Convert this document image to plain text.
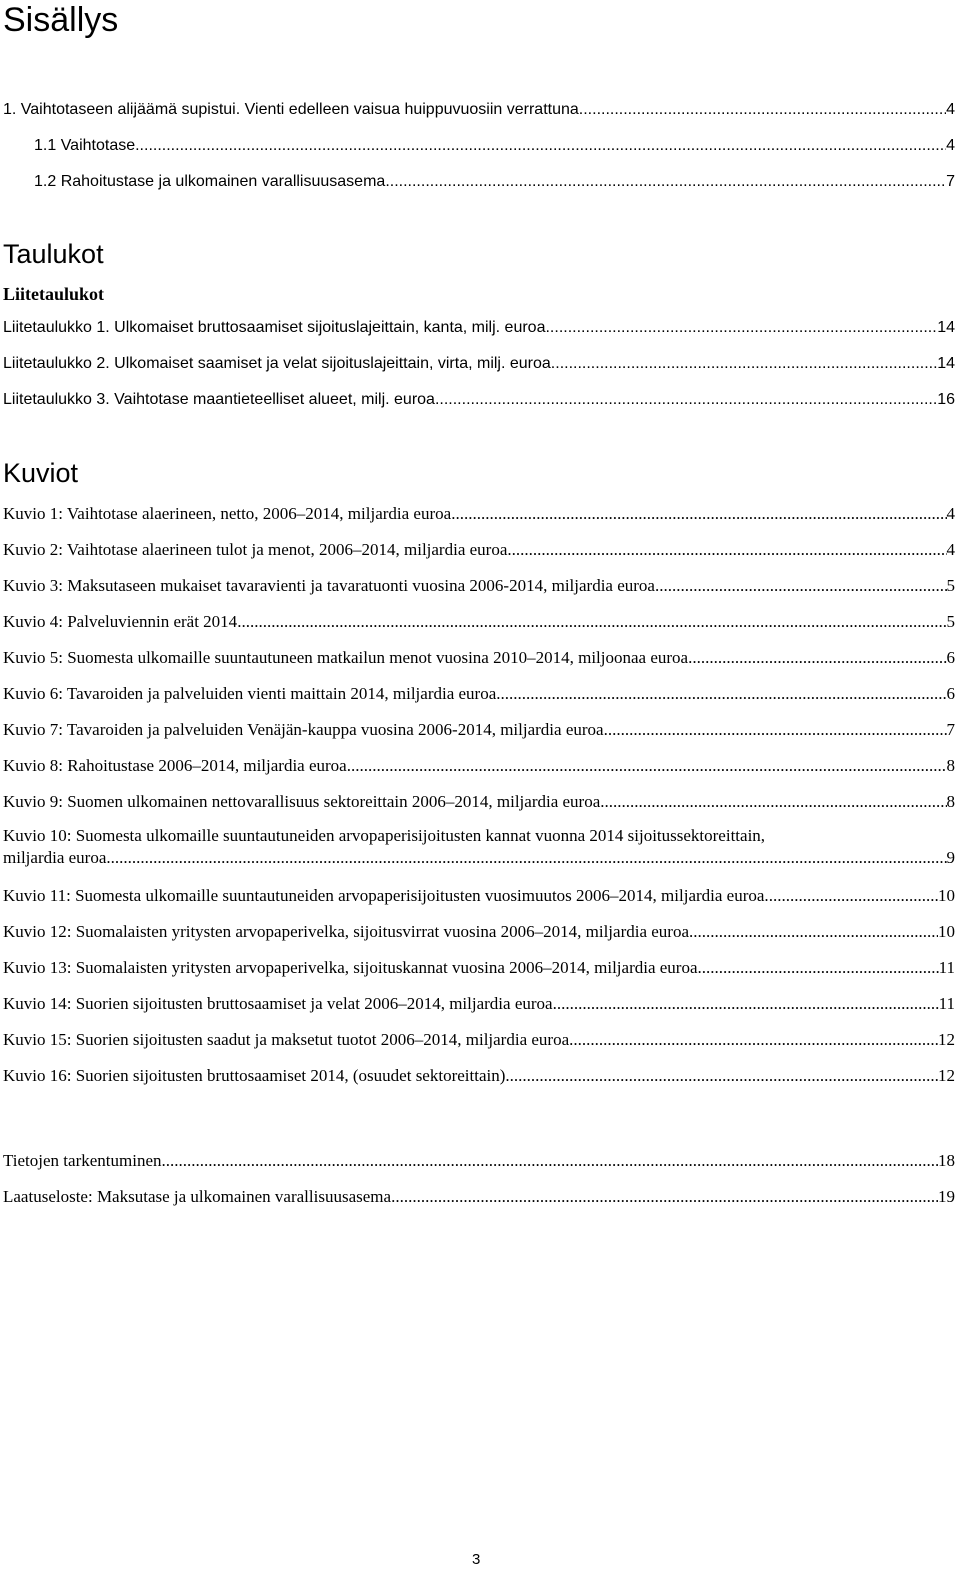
Sisällys
1. Vaihtotaseen alijäämä supistui. Vienti edelleen vaisua huippuvuosiin verrattuna .....	4
1.1 Vaihtotase .....	4
1.2 Rahoitustase ja ulkomainen varallisuusasema .....	7
Taulukot
Liitetaulukot
Liitetaulukko 1. Ulkomaiset bruttosaamiset sijoituslajeittain, kanta, milj. euroa .....	14
Liitetaulukko 2. Ulkomaiset saamiset ja velat sijoituslajeittain, virta, milj. euroa .....	14
Liitetaulukko 3. Vaihtotase maantieteelliset alueet, milj. euroa .....	16
Kuviot
Kuvio 1: Vaihtotase alaerineen, netto, 2006–2014, miljardia euroa .....	4
Kuvio 2: Vaihtotase alaerineen tulot ja menot, 2006–2014, miljardia euroa .....	4
Kuvio 3: Maksutaseen mukaiset tavaravienti ja tavaratuonti vuosina 2006-2014, miljardia euroa .....	5
Kuvio 4: Palveluviennin erät 2014 .....	5
Kuvio 5: Suomesta ulkomaille suuntautuneen matkailun menot vuosina 2010–2014, miljoonaa euroa .....	6
Kuvio 6: Tavaroiden ja palveluiden vienti maittain 2014, miljardia euroa .....	6
Kuvio 7: Tavaroiden ja palveluiden Venäjän-kauppa vuosina 2006-2014, miljardia euroa .....	7
Kuvio 8: Rahoitustase 2006–2014, miljardia euroa .....	8
Kuvio 9: Suomen ulkomainen nettovarallisuus sektoreittain 2006–2014, miljardia euroa .....	8
Kuvio 10: Suomesta ulkomaille suuntautuneiden arvopaperisijoitusten kannat vuonna 2014 sijoitussektoreittain,
miljardia euroa .....	9
Kuvio 11: Suomesta ulkomaille suuntautuneiden arvopaperisijoitusten vuosimuutos 2006–2014, miljardia euroa. .....	10
Kuvio 12: Suomalaisten yritysten arvopaperivelka, sijoitusvirrat vuosina 2006–2014, miljardia euroa .....	10
Kuvio 13: Suomalaisten yritysten arvopaperivelka, sijoituskannat vuosina 2006–2014, miljardia euroa .....	11
Kuvio 14: Suorien sijoitusten bruttosaamiset ja velat 2006–2014, miljardia euroa .....	11
Kuvio 15: Suorien sijoitusten saadut ja maksetut tuotot 2006–2014, miljardia euroa .....	12
Kuvio 16: Suorien sijoitusten bruttosaamiset 2014, (osuudet sektoreittain) .....	12
Tietojen tarkentuminen .....	18
Laatuseloste: Maksutase ja ulkomainen varallisuusasema .....	19
3
